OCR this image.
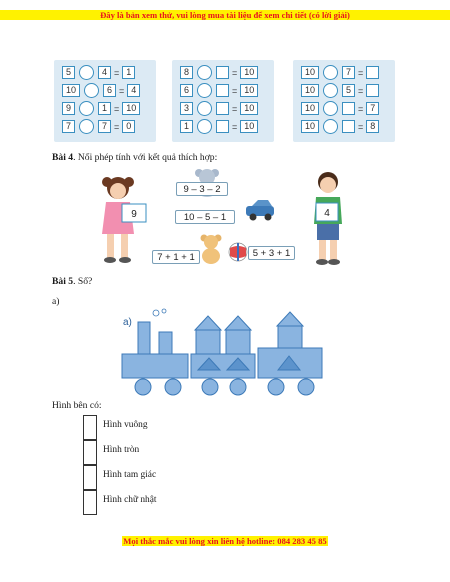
Đây là bản xem thử, vui lòng mua tài liệu để xem chi tiết (có lời giải)
5	4 = 1
10	6 = 4
9	1 = 10
7	7 = 0
8	= 10
6	= 10
3	= 10
1	= 10
10	7 =
10	5 =
10	= 7
10	= 8
Bài 4. Nối phép tính với kết quả thích hợp:
9	4
9 – 3 – 2
10 – 5 – 1
7 + 1 + 1	5 + 3 + 1
Bài 5. Số?
a)
a)
Hình bên có:
Hình vuông
Hình tròn
Hình tam giác
Hình chữ nhật
Mọi thắc mắc vui lòng xin liên hệ hotline: 084 283 45 85
